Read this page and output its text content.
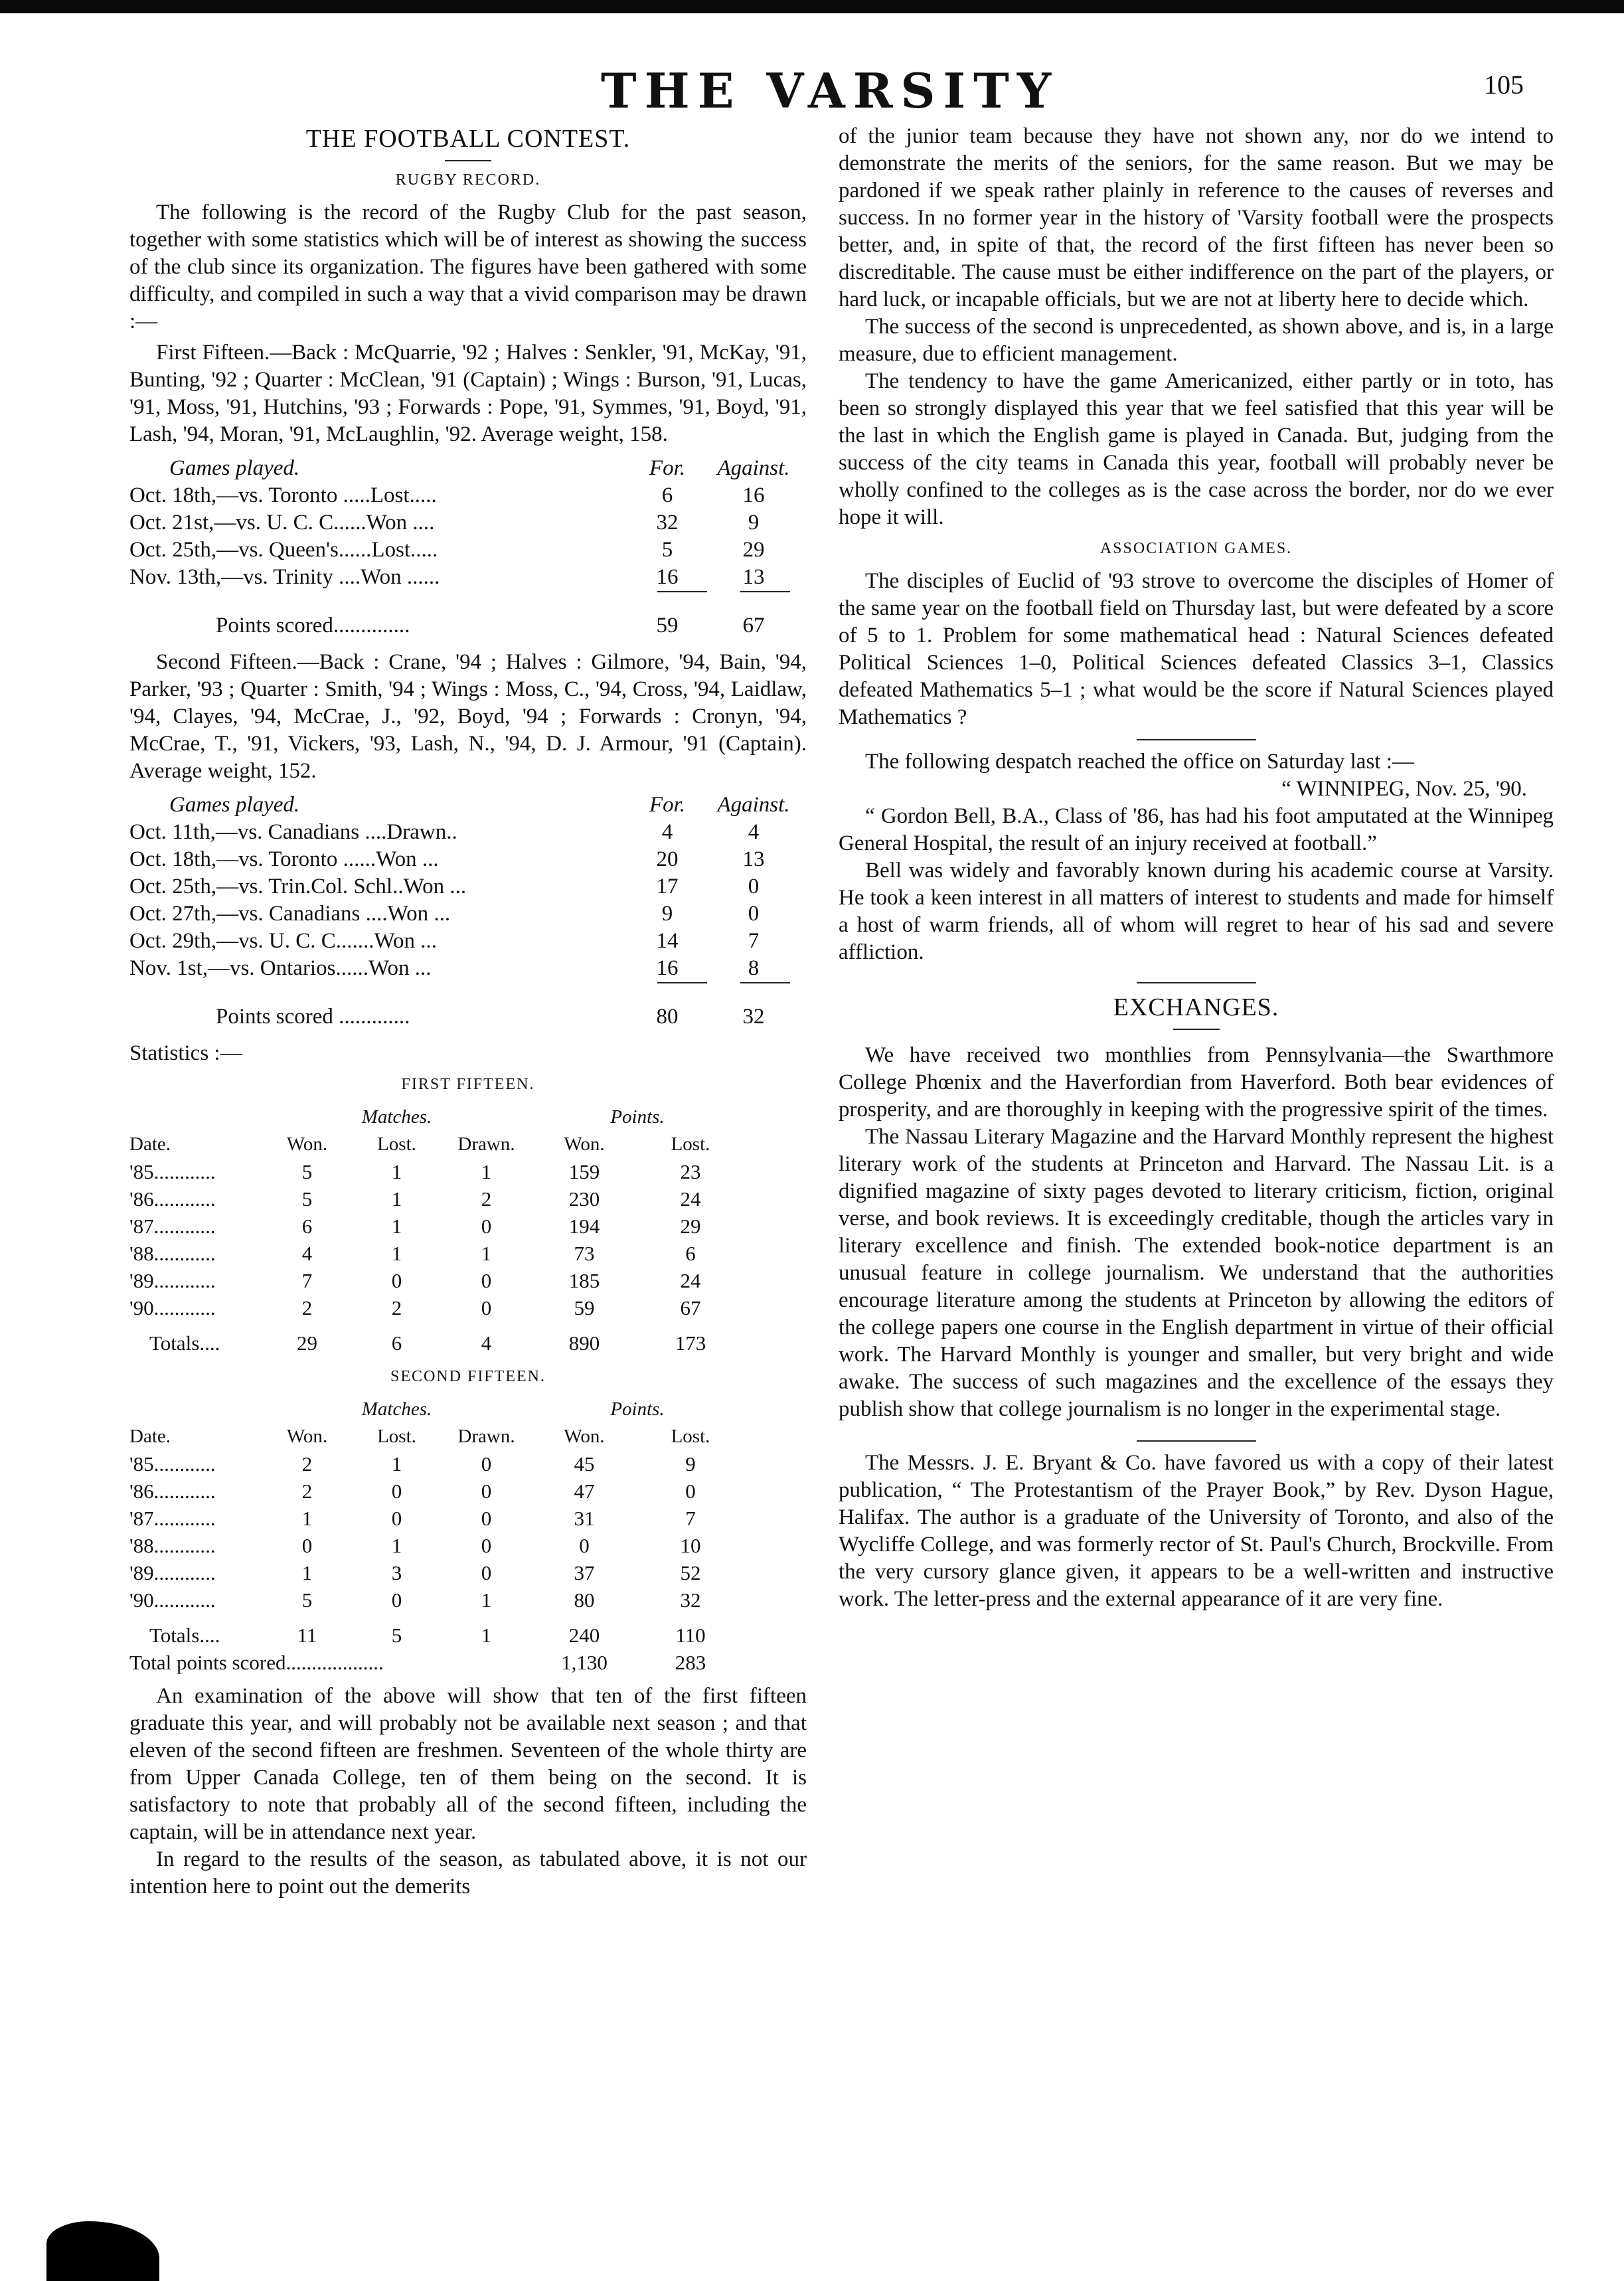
THE VARSITY	105
THE FOOTBALL CONTEST.
RUGBY RECORD.

The following is the record of the Rugby Club for the past season, together with some statistics which will be of interest as showing the success of the club since its organization. The figures have been gathered with some difficulty, and compiled in such a way that a vivid comparison may be drawn :—

First Fifteen.—Back : McQuarrie, '92 ; Halves : Senkler, '91, McKay, '91, Bunting, '92 ; Quarter : McClean, '91 (Captain) ; Wings : Burson, '91, Lucas, '91, Moss, '91, Hutchins, '93 ; Forwards : Pope, '91, Symmes, '91, Boyd, '91, Lash, '94, Moran, '91, McLaughlin, '92. Average weight, 158.

Games played.	For.	Against.
Oct. 18th,—vs. Toronto .....Lost.....	6	16
Oct. 21st,—vs. U. C. C......Won ....	32	9
Oct. 25th,—vs. Queen's......Lost.....	5	29
Nov. 13th,—vs. Trinity ....Won ......	16	13
Points scored..............	59	67

Second Fifteen.—Back : Crane, '94 ; Halves : Gilmore, '94, Bain, '94, Parker, '93 ; Quarter : Smith, '94 ; Wings : Moss, C., '94, Cross, '94, Laidlaw, '94, Clayes, '94, McCrae, J., '92, Boyd, '94 ; Forwards : Cronyn, '94, McCrae, T., '91, Vickers, '93, Lash, N., '94, D. J. Armour, '91 (Captain). Average weight, 152.

Games played.	For.	Against.
Oct. 11th,—vs. Canadians ....Drawn..	4	4
Oct. 18th,—vs. Toronto ......Won ...	20	13
Oct. 25th,—vs. Trin.Col. Schl..Won ...	17	0
Oct. 27th,—vs. Canadians ....Won ...	9	0
Oct. 29th,—vs. U. C. C.......Won ...	14	7
Nov. 1st,—vs. Ontarios......Won ...	16	8
Points scored .............	80	32
Statistics :—
FIRST FIFTEEN.
Matches.	Points.
Date.	Won.	Lost.	Drawn.	Won.	Lost.
'85............	5	1	1	159	23
'86............	5	1	2	230	24
'87............	6	1	0	194	29
'88............	4	1	1	73	6
'89............	7	0	0	185	24
'90............	2	2	0	59	67
Totals....	29	6	4	890	173
SECOND FIFTEEN.
Matches.	Points.
Date.	Won.	Lost.	Drawn.	Won.	Lost.
'85............	2	1	0	45	9
'86............	2	0	0	47	0
'87............	1	0	0	31	7
'88............	0	1	0	0	10
'89............	1	3	0	37	52
'90............	5	0	1	80	32
Totals....	11	5	1	240	110
Total points scored...................	1,130	283

An examination of the above will show that ten of the first fifteen graduate this year, and will probably not be available next season ; and that eleven of the second fifteen are freshmen. Seventeen of the whole thirty are from Upper Canada College, ten of them being on the second. It is satisfactory to note that probably all of the second fifteen, including the captain, will be in attendance next year.

In regard to the results of the season, as tabulated above, it is not our intention here to point out the demerits

of the junior team because they have not shown any, nor do we intend to demonstrate the merits of the seniors, for the same reason. But we may be pardoned if we speak rather plainly in reference to the causes of reverses and success. In no former year in the history of 'Varsity football were the prospects better, and, in spite of that, the record of the first fifteen has never been so discreditable. The cause must be either indifference on the part of the players, or hard luck, or incapable officials, but we are not at liberty here to decide which.

The success of the second is unprecedented, as shown above, and is, in a large measure, due to efficient management.

The tendency to have the game Americanized, either partly or in toto, has been so strongly displayed this year that we feel satisfied that this year will be the last in which the English game is played in Canada. But, judging from the success of the city teams in Canada this year, football will probably never be wholly confined to the colleges as is the case across the border, nor do we ever hope it will.

ASSOCIATION GAMES.

The disciples of Euclid of '93 strove to overcome the disciples of Homer of the same year on the football field on Thursday last, but were defeated by a score of 5 to 1. Problem for some mathematical head : Natural Sciences defeated Political Sciences 1–0, Political Sciences defeated Classics 3–1, Classics defeated Mathematics 5–1 ; what would be the score if Natural Sciences played Mathematics ?

The following despatch reached the office on Saturday last :—

“ WINNIPEG, Nov. 25, '90.

“ Gordon Bell, B.A., Class of '86, has had his foot amputated at the Winnipeg General Hospital, the result of an injury received at football.”

Bell was widely and favorably known during his academic course at Varsity. He took a keen interest in all matters of interest to students and made for himself a host of warm friends, all of whom will regret to hear of his sad and severe affliction.

EXCHANGES.

We have received two monthlies from Pennsylvania—the Swarthmore College Phœnix and the Haverfordian from Haverford. Both bear evidences of prosperity, and are thoroughly in keeping with the progressive spirit of the times.

The Nassau Literary Magazine and the Harvard Monthly represent the highest literary work of the students at Princeton and Harvard. The Nassau Lit. is a dignified magazine of sixty pages devoted to literary criticism, fiction, original verse, and book reviews. It is exceedingly creditable, though the articles vary in literary excellence and finish. The extended book-notice department is an unusual feature in college journalism. We understand that the authorities encourage literature among the students at Princeton by allowing the editors of the college papers one course in the English department in virtue of their official work. The Harvard Monthly is younger and smaller, but very bright and wide awake. The success of such magazines and the excellence of the essays they publish show that college journalism is no longer in the experimental stage.

The Messrs. J. E. Bryant & Co. have favored us with a copy of their latest publication, “ The Protestantism of the Prayer Book,” by Rev. Dyson Hague, Halifax. The author is a graduate of the University of Toronto, and also of the Wycliffe College, and was formerly rector of St. Paul's Church, Brockville. From the very cursory glance given, it appears to be a well-written and instructive work. The letter-press and the external appearance of it are very fine.
